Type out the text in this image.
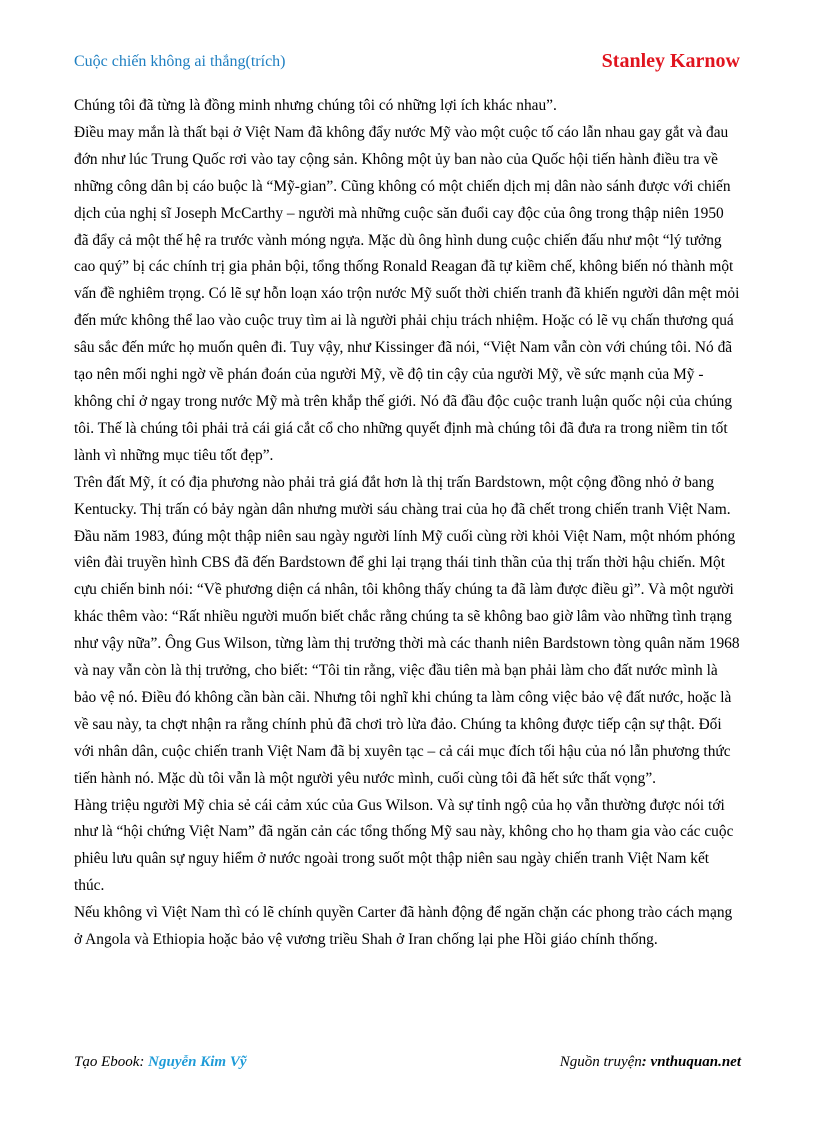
Cuộc chiến không ai thắng(trích)	Stanley Karnow

Chúng tôi đã từng là đồng minh nhưng chúng tôi có những lợi ích khác nhau”.

Điều may mắn là thất bại ở Việt Nam đã không đẩy nước Mỹ vào một cuộc tố cáo lẫn nhau gay gắt và đau đớn như lúc Trung Quốc rơi vào tay cộng sản. Không một ủy ban nào của Quốc hội tiến hành điều tra về những công dân bị cáo buộc là “Mỹ-gian”. Cũng không có một chiến dịch mị dân nào sánh được với chiến dịch của nghị sĩ Joseph McCarthy – người mà những cuộc săn đuổi cay độc của ông trong thập niên 1950 đã đẩy cả một thế hệ ra trước vành móng ngựa. Mặc dù ông hình dung cuộc chiến đấu như một “lý tưởng cao quý” bị các chính trị gia phản bội, tổng thống Ronald Reagan đã tự kiềm chế, không biến nó thành một vấn đề nghiêm trọng. Có lẽ sự hỗn loạn xáo trộn nước Mỹ suốt thời chiến tranh đã khiến người dân mệt mỏi đến mức không thể lao vào cuộc truy tìm ai là người phải chịu trách nhiệm. Hoặc có lẽ vụ chấn thương quá sâu sắc đến mức họ muốn quên đi. Tuy vậy, như Kissinger đã nói, “Việt Nam vẫn còn với chúng tôi. Nó đã tạo nên mối nghi ngờ về phán đoán của người Mỹ, về độ tin cậy của người Mỹ, về sức mạnh của Mỹ - không chỉ ở ngay trong nước Mỹ mà trên khắp thế giới. Nó đã đầu độc cuộc tranh luận quốc nội của chúng tôi. Thế là chúng tôi phải trả cái giá cắt cổ cho những quyết định mà chúng tôi đã đưa ra trong niềm tin tốt lành vì những mục tiêu tốt đẹp”.

Trên đất Mỹ, ít có địa phương nào phải trả giá đắt hơn là thị trấn Bardstown, một cộng đồng nhỏ ở bang Kentucky. Thị trấn có bảy ngàn dân nhưng mười sáu chàng trai của họ đã chết trong chiến tranh Việt Nam. Đầu năm 1983, đúng một thập niên sau ngày người lính Mỹ cuối cùng rời khỏi Việt Nam, một nhóm phóng viên đài truyền hình CBS đã đến Bardstown để ghi lại trạng thái tinh thần của thị trấn thời hậu chiến. Một cựu chiến binh nói: “Về phương diện cá nhân, tôi không thấy chúng ta đã làm được điều gì”. Và một người khác thêm vào: “Rất nhiều người muốn biết chắc rằng chúng ta sẽ không bao giờ lâm vào những tình trạng như vậy nữa”. Ông Gus Wilson, từng làm thị trưởng thời mà các thanh niên Bardstown tòng quân năm 1968 và nay vẫn còn là thị trưởng, cho biết: “Tôi tin rằng, việc đầu tiên mà bạn phải làm cho đất nước mình là bảo vệ nó. Điều đó không cần bàn cãi. Nhưng tôi nghĩ khi chúng ta làm công việc bảo vệ đất nước, hoặc là về sau này, ta chợt nhận ra rằng chính phủ đã chơi trò lừa đảo. Chúng ta không được tiếp cận sự thật. Đối với nhân dân, cuộc chiến tranh Việt Nam đã bị xuyên tạc – cả cái mục đích tối hậu của nó lẫn phương thức tiến hành nó. Mặc dù tôi vẫn là một người yêu nước mình, cuối cùng tôi đã hết sức thất vọng”.

Hàng triệu người Mỹ chia sẻ cái cảm xúc của Gus Wilson. Và sự tỉnh ngộ của họ vẫn thường được nói tới như là “hội chứng Việt Nam” đã ngăn cản các tổng thống Mỹ sau này, không cho họ tham gia vào các cuộc phiêu lưu quân sự nguy hiểm ở nước ngoài trong suốt một thập niên sau ngày chiến tranh Việt Nam kết thúc.

Nếu không vì Việt Nam thì có lẽ chính quyền Carter đã hành động để ngăn chặn các phong trào cách mạng ở Angola và Ethiopia hoặc bảo vệ vương triều Shah ở Iran chống lại phe Hồi giáo chính thống.

Tạo Ebook: Nguyễn Kim Vỹ	Nguồn truyện: vnthuquan.net
